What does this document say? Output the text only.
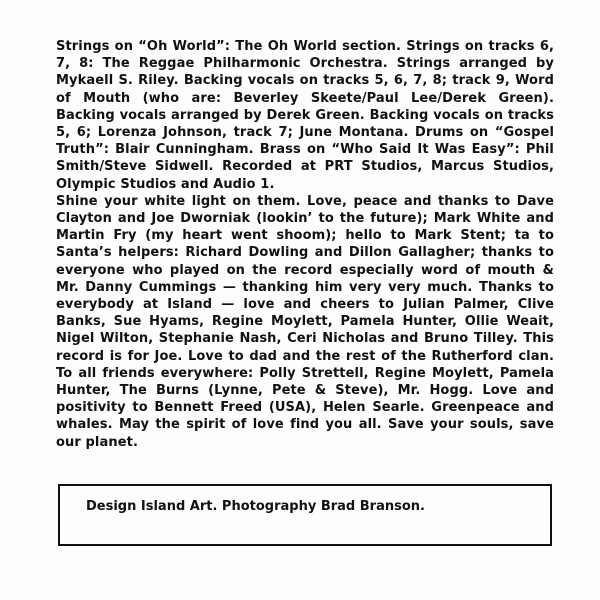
Strings on “Oh World”: The Oh World section. Strings on tracks 6, 7, 8: The Reggae Philharmonic Orchestra. Strings arranged by Mykaell S. Riley. Backing vocals on tracks 5, 6, 7, 8; track 9, Word of Mouth (who are: Beverley Skeete/Paul Lee/Derek Green). Backing vocals arranged by Derek Green. Backing vocals on tracks 5, 6; Lorenza Johnson, track 7; June Montana. Drums on “Gospel Truth”: Blair Cunningham. Brass on “Who Said It Was Easy”: Phil Smith/Steve Sidwell. Recorded at PRT Studios, Marcus Studios, Olympic Studios and Audio 1.

Shine your white light on them. Love, peace and thanks to Dave Clayton and Joe Dworniak (lookin’ to the future); Mark White and Martin Fry (my heart went shoom); hello to Mark Stent; ta to Santa’s helpers: Richard Dowling and Dillon Gallagher; thanks to everyone who played on the record especially word of mouth & Mr. Danny Cummings — thanking him very very much. Thanks to everybody at Island — love and cheers to Julian Palmer, Clive Banks, Sue Hyams, Regine Moylett, Pamela Hunter, Ollie Weait, Nigel Wilton, Stephanie Nash, Ceri Nicholas and Bruno Tilley. This record is for Joe. Love to dad and the rest of the Rutherford clan. To all friends everywhere: Polly Strettell, Regine Moylett, Pamela Hunter, The Burns (Lynne, Pete & Steve), Mr. Hogg. Love and positivity to Bennett Freed (USA), Helen Searle. Greenpeace and whales. May the spirit of love find you all. Save your souls, save our planet.

Design Island Art. Photography Brad Branson.
